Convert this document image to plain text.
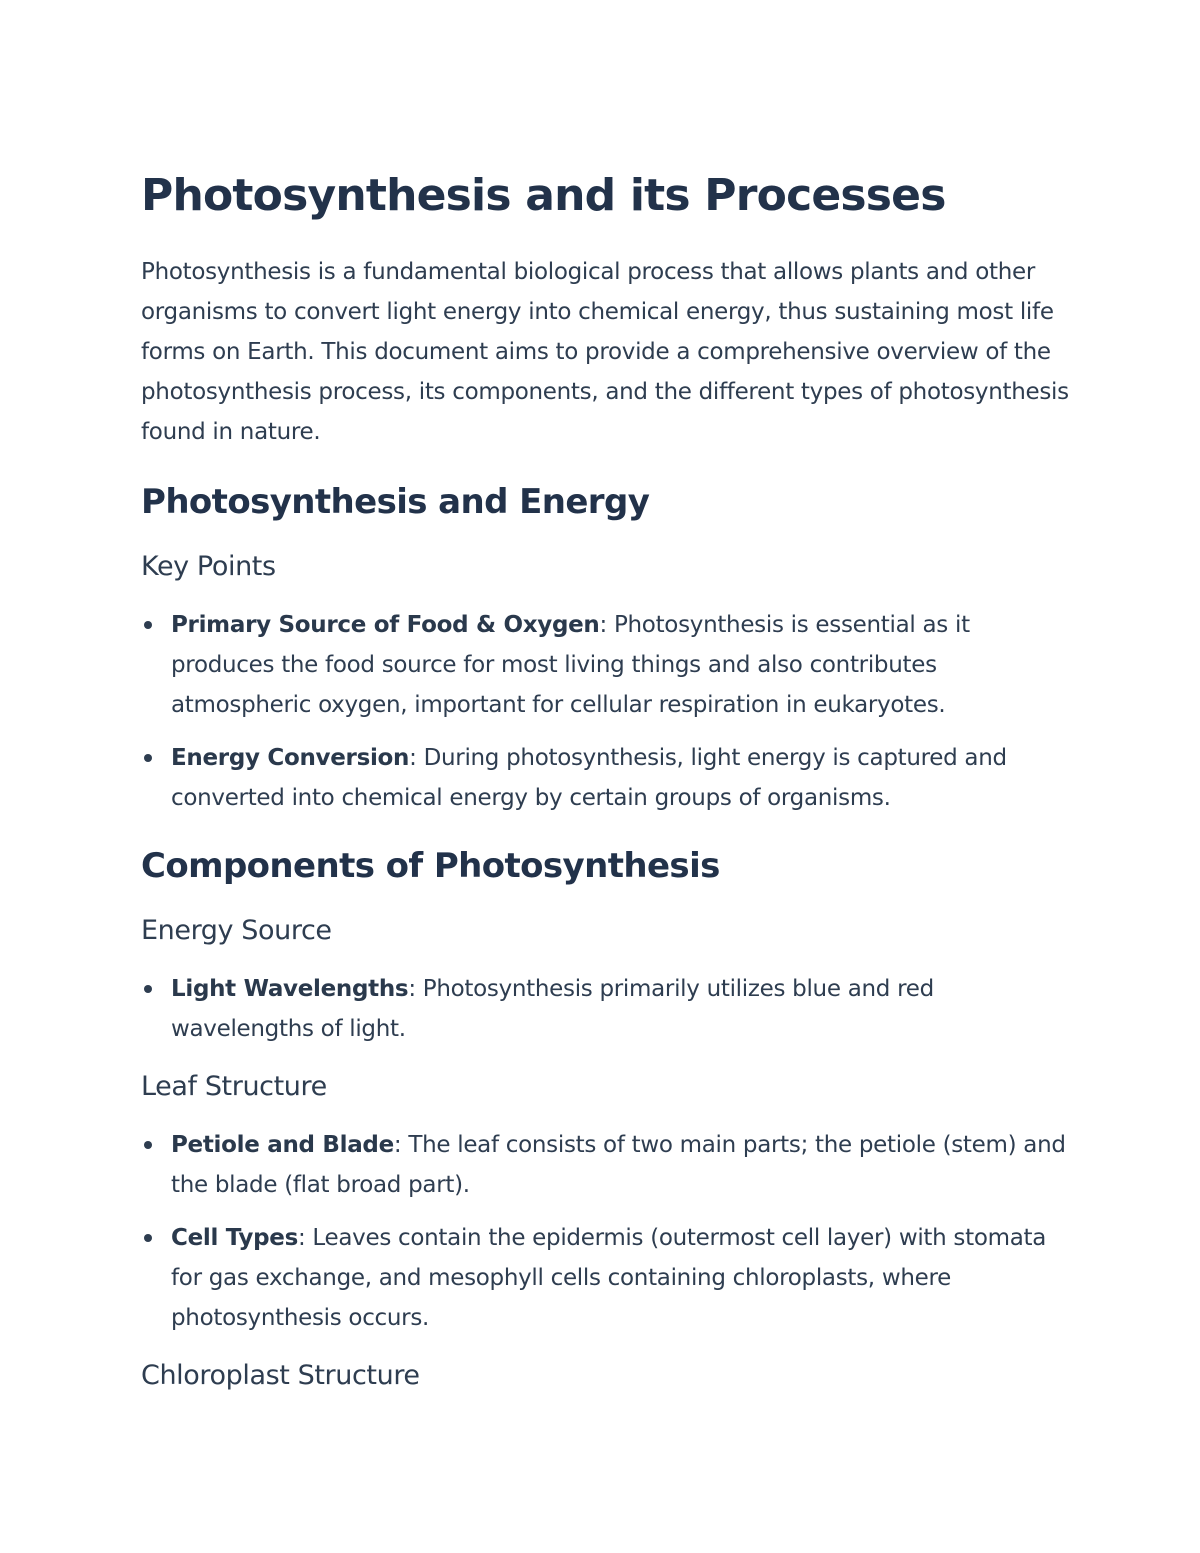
Photosynthesis and its Processes

Photosynthesis is a fundamental biological process that allows plants and other organisms to convert light energy into chemical energy, thus sustaining most life forms on Earth. This document aims to provide a comprehensive overview of the photosynthesis process, its components, and the different types of photosynthesis found in nature.

Photosynthesis and Energy
Key Points
Primary Source of Food & Oxygen: Photosynthesis is essential as it produces the food source for most living things and also contributes atmospheric oxygen, important for cellular respiration in eukaryotes.
Energy Conversion: During photosynthesis, light energy is captured and converted into chemical energy by certain groups of organisms.
Components of Photosynthesis
Energy Source
Light Wavelengths: Photosynthesis primarily utilizes blue and red wavelengths of light.
Leaf Structure
Petiole and Blade: The leaf consists of two main parts; the petiole (stem) and the blade (flat broad part).
Cell Types: Leaves contain the epidermis (outermost cell layer) with stomata for gas exchange, and mesophyll cells containing chloroplasts, where photosynthesis occurs.
Chloroplast Structure
